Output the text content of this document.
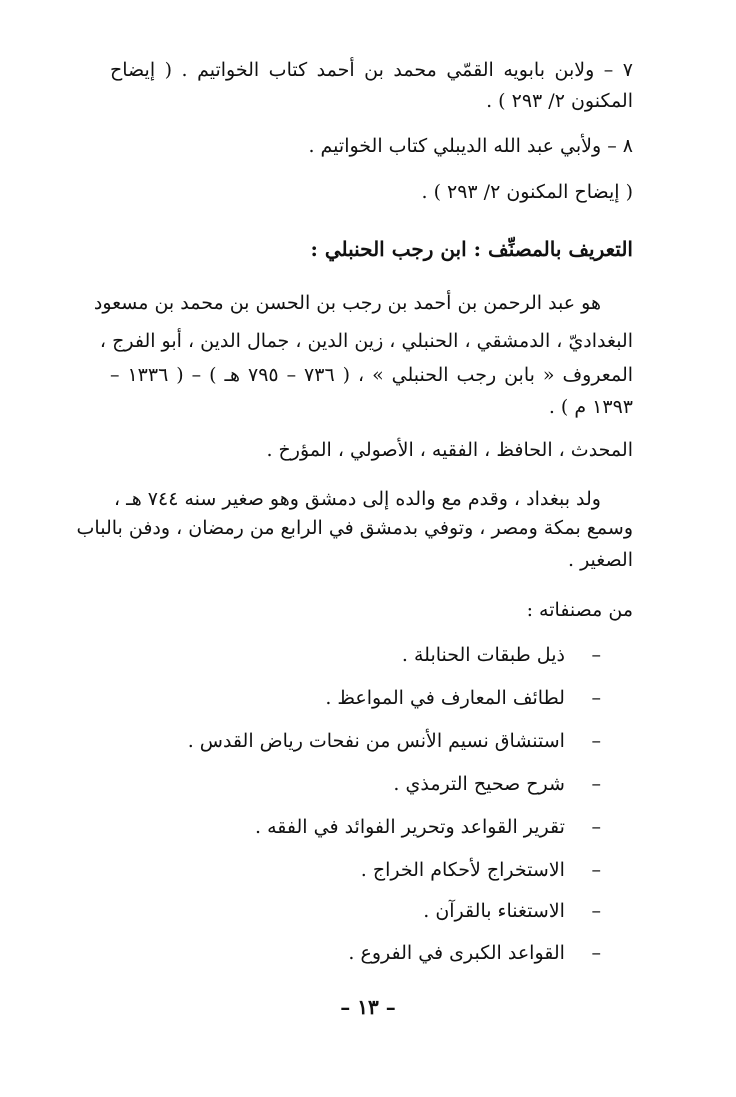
٧ – ولابن بابويه القمّي محمد بن أحمد كتاب الخواتيم . ( إيضاح
المكنون ٢/ ٢٩٣ ) .
٨ – ولأبي عبد الله الديبلي كتاب الخواتيم .
( إيضاح المكنون ٢/ ٢٩٣ ) .
التعريف بالمصنِّف : ابن رجب الحنبلي :
هو عبد الرحمن بن أحمد بن رجب بن الحسن بن محمد بن مسعود
البغداديّ ، الدمشقي ، الحنبلي ، زين الدين ، جمال الدين ، أبو الفرج ،
المعروف « بابن رجب الحنبلي » ، ( ٧٣٦ – ٧٩٥ هـ ) – ( ١٣٣٦ –
١٣٩٣ م ) .
المحدث ، الحافظ ، الفقيه ، الأصولي ، المؤرخ .
ولد ببغداد ، وقدم مع والده إلى دمشق وهو صغير سنه ٧٤٤ هـ ،
وسمع بمكة ومصر ، وتوفي بدمشق في الرابع من رمضان ، ودفن بالباب
الصغير .
من مصنفاته :
– ذيل طبقات الحنابلة .
– لطائف المعارف في المواعظ .
– استنشاق نسيم الأنس من نفحات رياض القدس .
– شرح صحيح الترمذي .
– تقرير القواعد وتحرير الفوائد في الفقه .
– الاستخراج لأحكام الخراج .
– الاستغناء بالقرآن .
– القواعد الكبرى في الفروع .
– ١٣ –
